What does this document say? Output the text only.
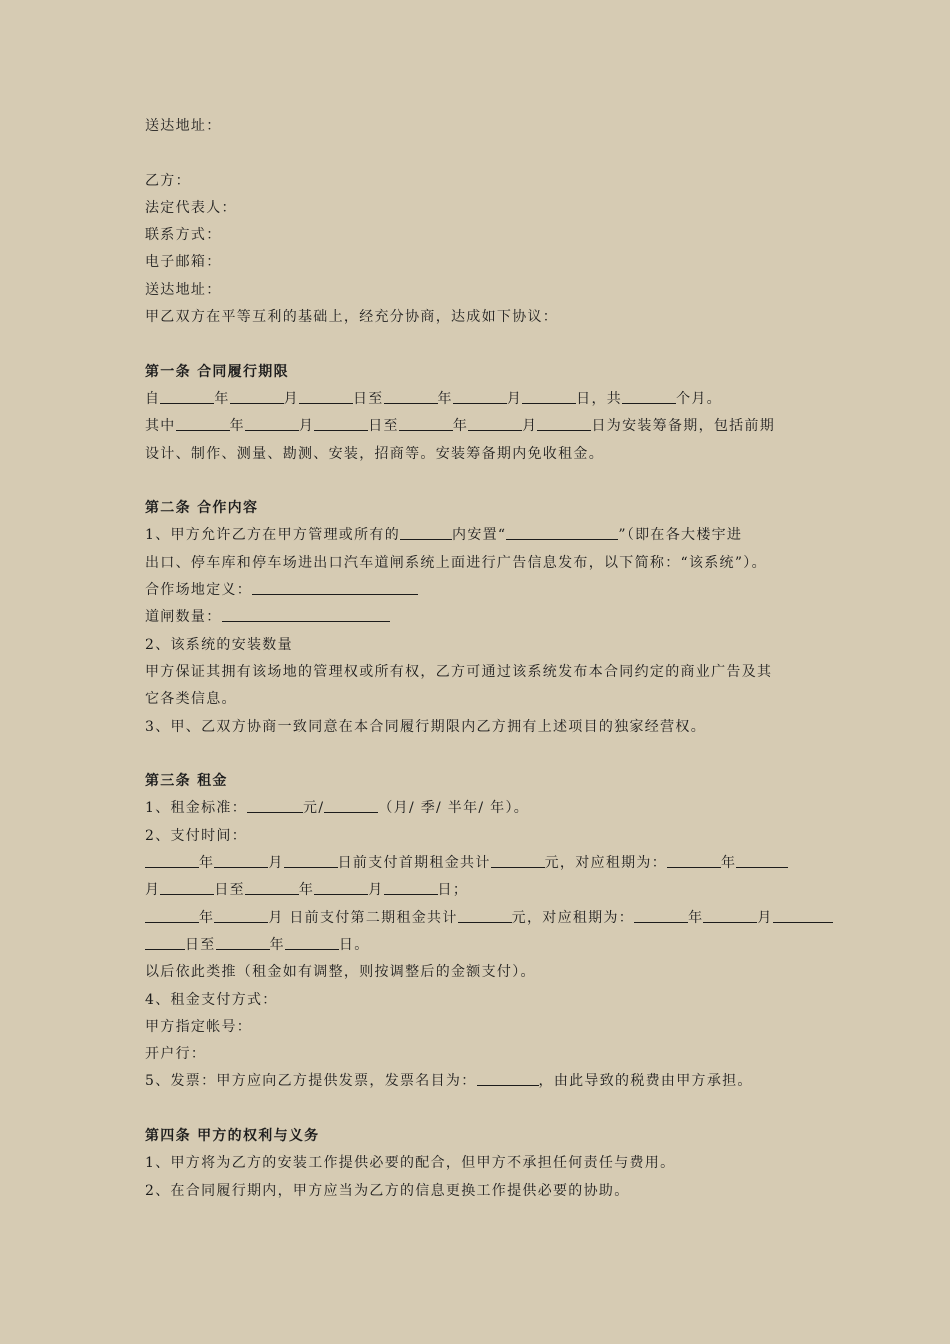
送达地址：
乙方：
法定代表人：
联系方式：
电子邮箱：
送达地址：
甲乙双方在平等互利的基础上，经充分协商，达成如下协议：
第一条 合同履行期限
自	年	月	日至	年	月	日，共	个月。
其中	年	月	日至	年	月	日为安装筹备期，包括前期
设计、制作、测量、勘测、安装，招商等。安装筹备期内免收租金。
第二条 合作内容
1、甲方允许乙方在甲方管理或所有的	内安置“	”（即在各大楼宇进
出口、停车库和停车场进出口汽车道闸系统上面进行广告信息发布，以下简称：“该系统”）。
合作场地定义：
道闸数量：
2、该系统的安装数量
甲方保证其拥有该场地的管理权或所有权，乙方可通过该系统发布本合同约定的商业广告及其
它各类信息。
3、甲、乙双方协商一致同意在本合同履行期限内乙方拥有上述项目的独家经营权。
第三条 租金
1、租金标准：	元/	（月/ 季/ 半年/ 年）。
2、支付时间：
年	月	日前支付首期租金共计	元，对应租期为：	年
月	日至	年	月	日；
年	月 日前支付第二期租金共计	元，对应租期为：	年	月
日至	年	日。
以后依此类推（租金如有调整，则按调整后的金额支付）。
4、租金支付方式：
甲方指定帐号：
开户行：
5、发票：甲方应向乙方提供发票，发票名目为：	，由此导致的税费由甲方承担。
第四条 甲方的权利与义务
1、甲方将为乙方的安装工作提供必要的配合，但甲方不承担任何责任与费用。
2、在合同履行期内，甲方应当为乙方的信息更换工作提供必要的协助。
